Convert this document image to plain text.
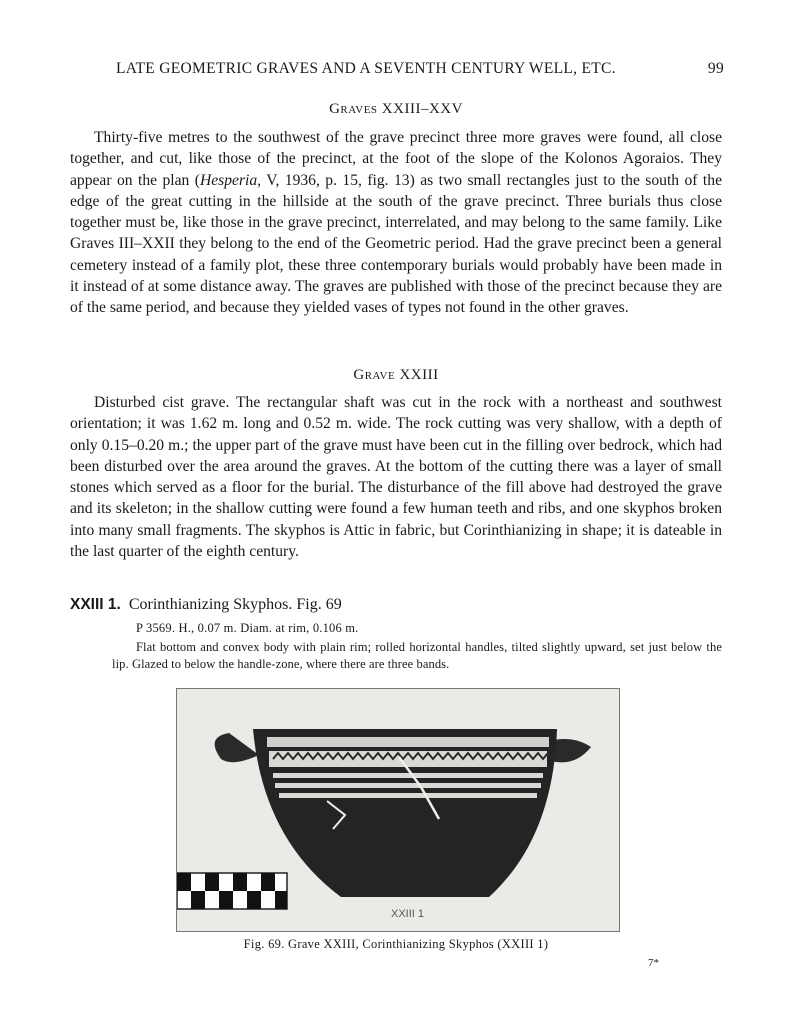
LATE GEOMETRIC GRAVES AND A SEVENTH CENTURY WELL, ETC.	99
Graves XXIII–XXV

Thirty-five metres to the southwest of the grave precinct three more graves were found, all close together, and cut, like those of the precinct, at the foot of the slope of the Kolonos Agoraios. They appear on the plan (Hesperia, V, 1936, p. 15, fig. 13) as two small rectangles just to the south of the edge of the great cutting in the hillside at the south of the grave precinct. Three burials thus close together must be, like those in the grave precinct, interrelated, and may belong to the same family. Like Graves III–XXII they belong to the end of the Geometric period. Had the grave precinct been a general cemetery instead of a family plot, these three contemporary burials would probably have been made in it instead of at some distance away. The graves are published with those of the precinct because they are of the same period, and because they yielded vases of types not found in the other graves.

Grave XXIII

Disturbed cist grave. The rectangular shaft was cut in the rock with a northeast and southwest orientation; it was 1.62 m. long and 0.52 m. wide. The rock cutting was very shallow, with a depth of only 0.15–0.20 m.; the upper part of the grave must have been cut in the filling over bedrock, which had been disturbed over the area around the graves. At the bottom of the cutting there was a layer of small stones which served as a floor for the burial. The disturbance of the fill above had destroyed the grave and its skeleton; in the shallow cutting were found a few human teeth and ribs, and one skyphos broken into many small fragments. The skyphos is Attic in fabric, but Corinthianizing in shape; it is dateable in the last quarter of the eighth century.

XXIII 1. Corinthianizing Skyphos. Fig. 69
P 3569. H., 0.07 m. Diam. at rim, 0.106 m.

Flat bottom and convex body with plain rim; rolled horizontal handles, tilted slightly upward, set just below the lip. Glazed to below the handle-zone, where there are three bands.

XXIII 1
Fig. 69. Grave XXIII, Corinthianizing Skyphos (XXIII 1)
7*
